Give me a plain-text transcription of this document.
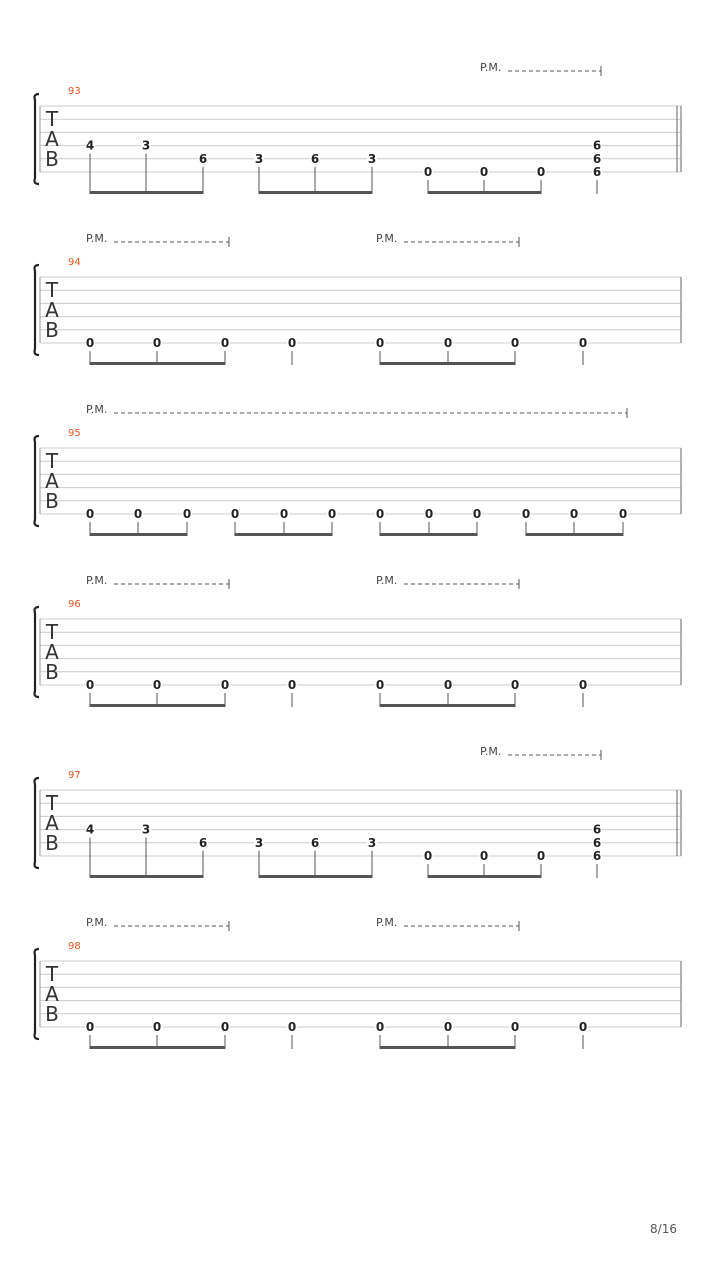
T
A
B
93
P.M.
4	3
6	3	6	3
0	0	0
6
6
6
T
A
B
94
P.M.	P.M.
0	0	0	0	0	0	0	0
T
A
B
95
P.M.
0	0	0	0	0	0	0	0	0	0	0	0
T
A
B
96
P.M.	P.M.
0	0	0	0	0	0	0	0
T
A
B
97
P.M.
4	3
6	3	6	3
0	0	0
6
6
6
T
A
B
98
P.M.	P.M.
0	0	0	0	0	0	0	0
8/16
